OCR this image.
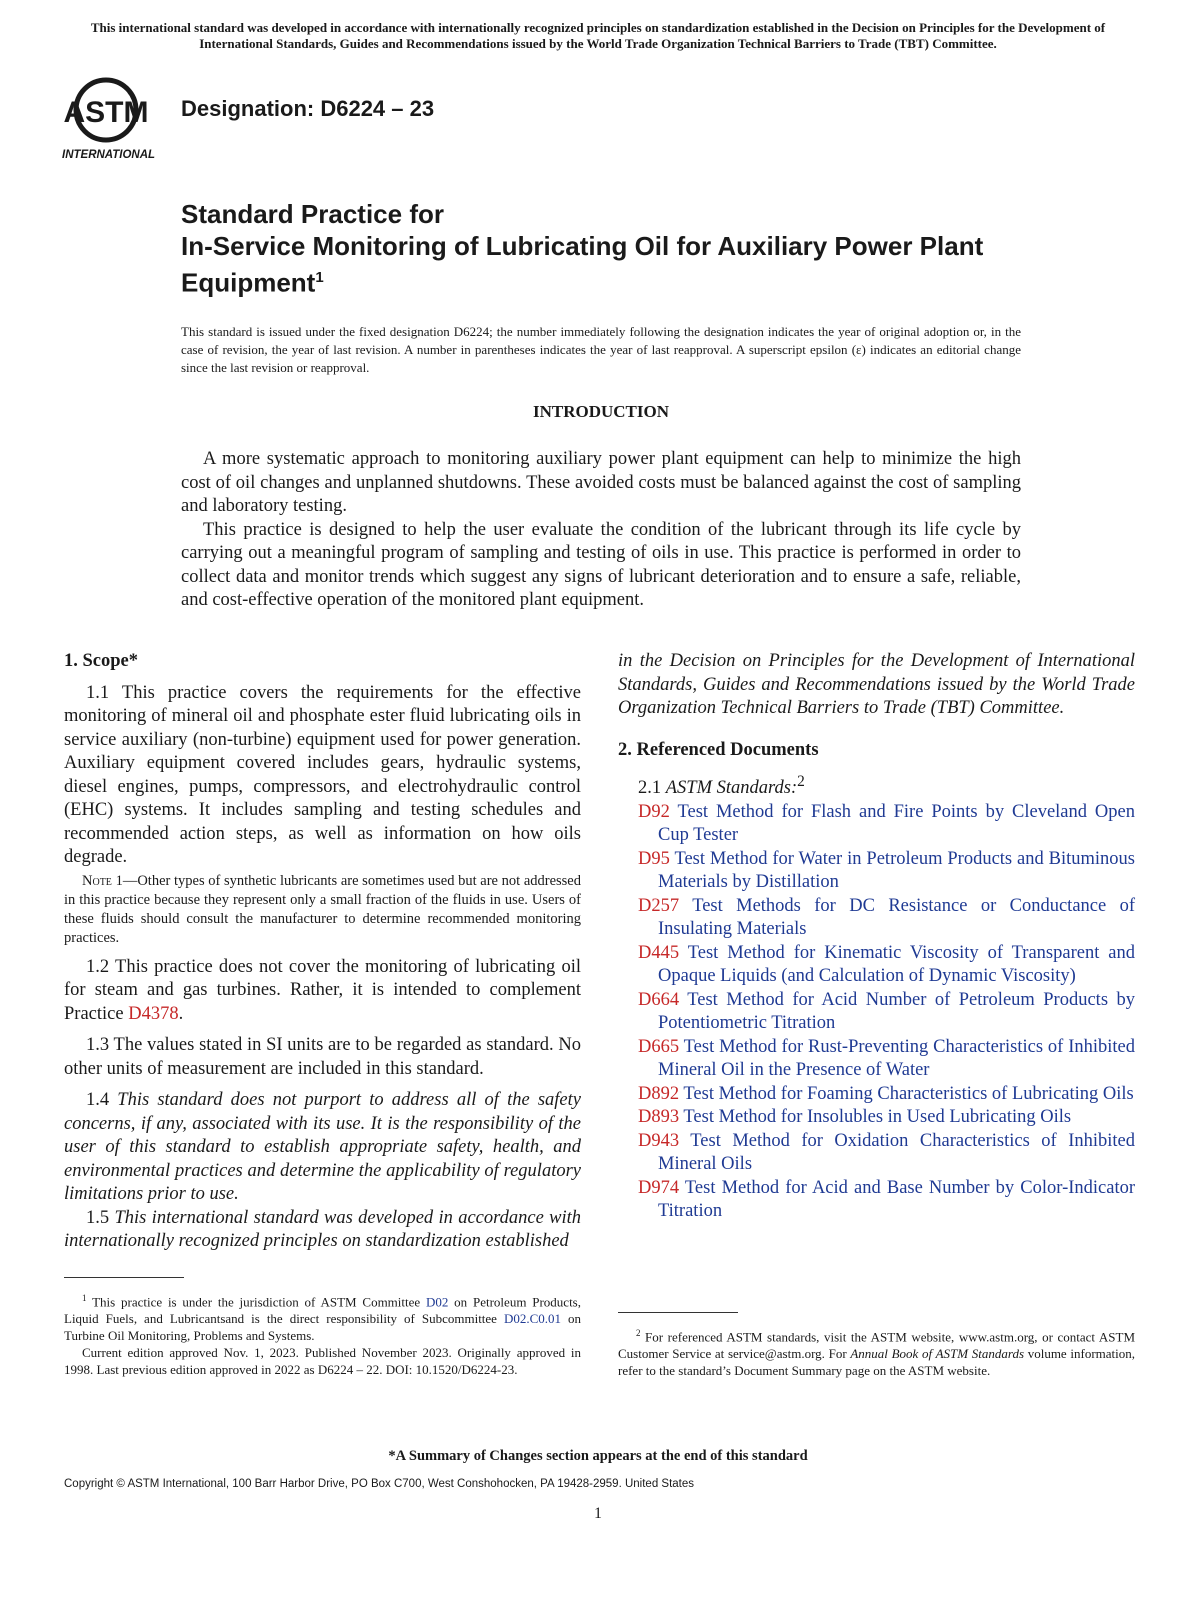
This international standard was developed in accordance with internationally recognized principles on standardization established in the Decision on Principles for the Development of International Standards, Guides and Recommendations issued by the World Trade Organization Technical Barriers to Trade (TBT) Committee.
ASTM
INTERNATIONAL
Designation: D6224 – 23
Standard Practice for
In-Service Monitoring of Lubricating Oil for Auxiliary Power Plant Equipment$^1$
This standard is issued under the fixed designation D6224; the number immediately following the designation indicates the year of original adoption or, in the case of revision, the year of last revision. A number in parentheses indicates the year of last reapproval. A superscript epsilon (ε) indicates an editorial change since the last revision or reapproval.
INTRODUCTION

A more systematic approach to monitoring auxiliary power plant equipment can help to minimize the high cost of oil changes and unplanned shutdowns. These avoided costs must be balanced against the cost of sampling and laboratory testing.

This practice is designed to help the user evaluate the condition of the lubricant through its life cycle by carrying out a meaningful program of sampling and testing of oils in use. This practice is performed in order to collect data and monitor trends which suggest any signs of lubricant deterioration and to ensure a safe, reliable, and cost-effective operation of the monitored plant equipment.

1. Scope*

1.1 This practice covers the requirements for the effective monitoring of mineral oil and phosphate ester fluid lubricating oils in service auxiliary (non-turbine) equipment used for power generation. Auxiliary equipment covered includes gears, hydraulic systems, diesel engines, pumps, compressors, and electrohydraulic control (EHC) systems. It includes sampling and testing schedules and recommended action steps, as well as information on how oils degrade.

Note 1—Other types of synthetic lubricants are sometimes used but are not addressed in this practice because they represent only a small fraction of the fluids in use. Users of these fluids should consult the manufacturer to determine recommended monitoring practices.

1.2 This practice does not cover the monitoring of lubricating oil for steam and gas turbines. Rather, it is intended to complement Practice D4378.

1.3 The values stated in SI units are to be regarded as standard. No other units of measurement are included in this standard.

1.4 This standard does not purport to address all of the safety concerns, if any, associated with its use. It is the responsibility of the user of this standard to establish appropriate safety, health, and environmental practices and determine the applicability of regulatory limitations prior to use.

1.5 This international standard was developed in accordance with internationally recognized principles on standardization established

$^1$ This practice is under the jurisdiction of ASTM Committee D02 on Petroleum Products, Liquid Fuels, and Lubricantsand is the direct responsibility of Subcommittee D02.C0.01 on Turbine Oil Monitoring, Problems and Systems.

Current edition approved Nov. 1, 2023. Published November 2023. Originally approved in 1998. Last previous edition approved in 2022 as D6224 – 22. DOI: 10.1520/D6224-23.

in the Decision on Principles for the Development of International Standards, Guides and Recommendations issued by the World Trade Organization Technical Barriers to Trade (TBT) Committee.

2. Referenced Documents
2.1 ASTM Standards:$^2$
D92 Test Method for Flash and Fire Points by Cleveland Open Cup Tester
D95 Test Method for Water in Petroleum Products and Bituminous Materials by Distillation
D257 Test Methods for DC Resistance or Conductance of Insulating Materials
D445 Test Method for Kinematic Viscosity of Transparent and Opaque Liquids (and Calculation of Dynamic Viscosity)
D664 Test Method for Acid Number of Petroleum Products by Potentiometric Titration
D665 Test Method for Rust-Preventing Characteristics of Inhibited Mineral Oil in the Presence of Water
D892 Test Method for Foaming Characteristics of Lubricating Oils
D893 Test Method for Insolubles in Used Lubricating Oils
D943 Test Method for Oxidation Characteristics of Inhibited Mineral Oils
D974 Test Method for Acid and Base Number by Color-Indicator Titration

$^2$ For referenced ASTM standards, visit the ASTM website, www.astm.org, or contact ASTM Customer Service at service@astm.org. For Annual Book of ASTM Standards volume information, refer to the standard’s Document Summary page on the ASTM website.

*A Summary of Changes section appears at the end of this standard
Copyright © ASTM International, 100 Barr Harbor Drive, PO Box C700, West Conshohocken, PA 19428-2959. United States
1
